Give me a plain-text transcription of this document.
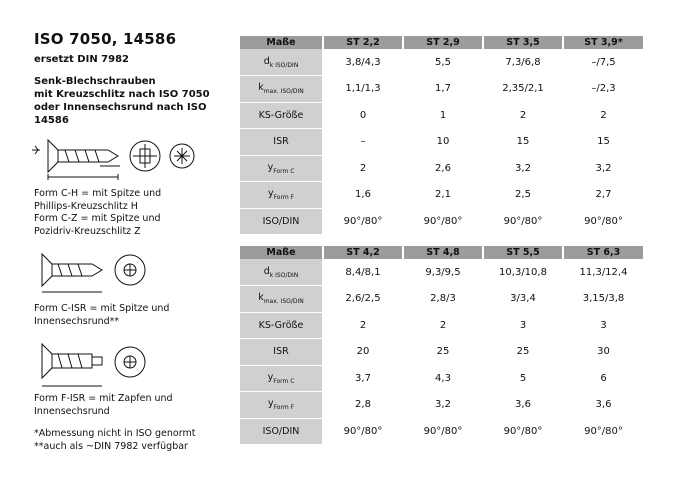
ISO 7050, 14586
ersetzt DIN 7982
Senk-Blechschrauben
mit Kreuzschlitz nach ISO 7050
oder Innensechsrund nach ISO 14586
Form C-H = mit Spitze und
Phillips-Kreuzschlitz H
Form C-Z = mit Spitze und
Pozidriv-Kreuzschlitz Z
Form C-ISR = mit Spitze und
Innensechsrund**
Form F-ISR = mit Zapfen und
Innensechsrund
*Abmessung nicht in ISO genormt
**auch als ~DIN 7982 verfügbar
Maße	ST 2,2	ST 2,9	ST 3,5	ST 3,9*
$d_{k ISO/DIN}$	3,8/4,3	5,5	7,3/6,8	–/7,5
$k_{max. ISO/DIN}$	1,1/1,3	1,7	2,35/2,1	–/2,3
KS-Größe	0	1	2	2
ISR	–	10	15	15
$y_{Form C}$	2	2,6	3,2	3,2
$y_{Form F}$	1,6	2,1	2,5	2,7
ISO/DIN	90°/80°	90°/80°	90°/80°	90°/80°
Maße	ST 4,2	ST 4,8	ST 5,5	ST 6,3
$d_{k ISO/DIN}$	8,4/8,1	9,3/9,5	10,3/10,8	11,3/12,4
$k_{max. ISO/DIN}$	2,6/2,5	2,8/3	3/3,4	3,15/3,8
KS-Größe	2	2	3	3
ISR	20	25	25	30
$y_{Form C}$	3,7	4,3	5	6
$y_{Form F}$	2,8	3,2	3,6	3,6
ISO/DIN	90°/80°	90°/80°	90°/80°	90°/80°
